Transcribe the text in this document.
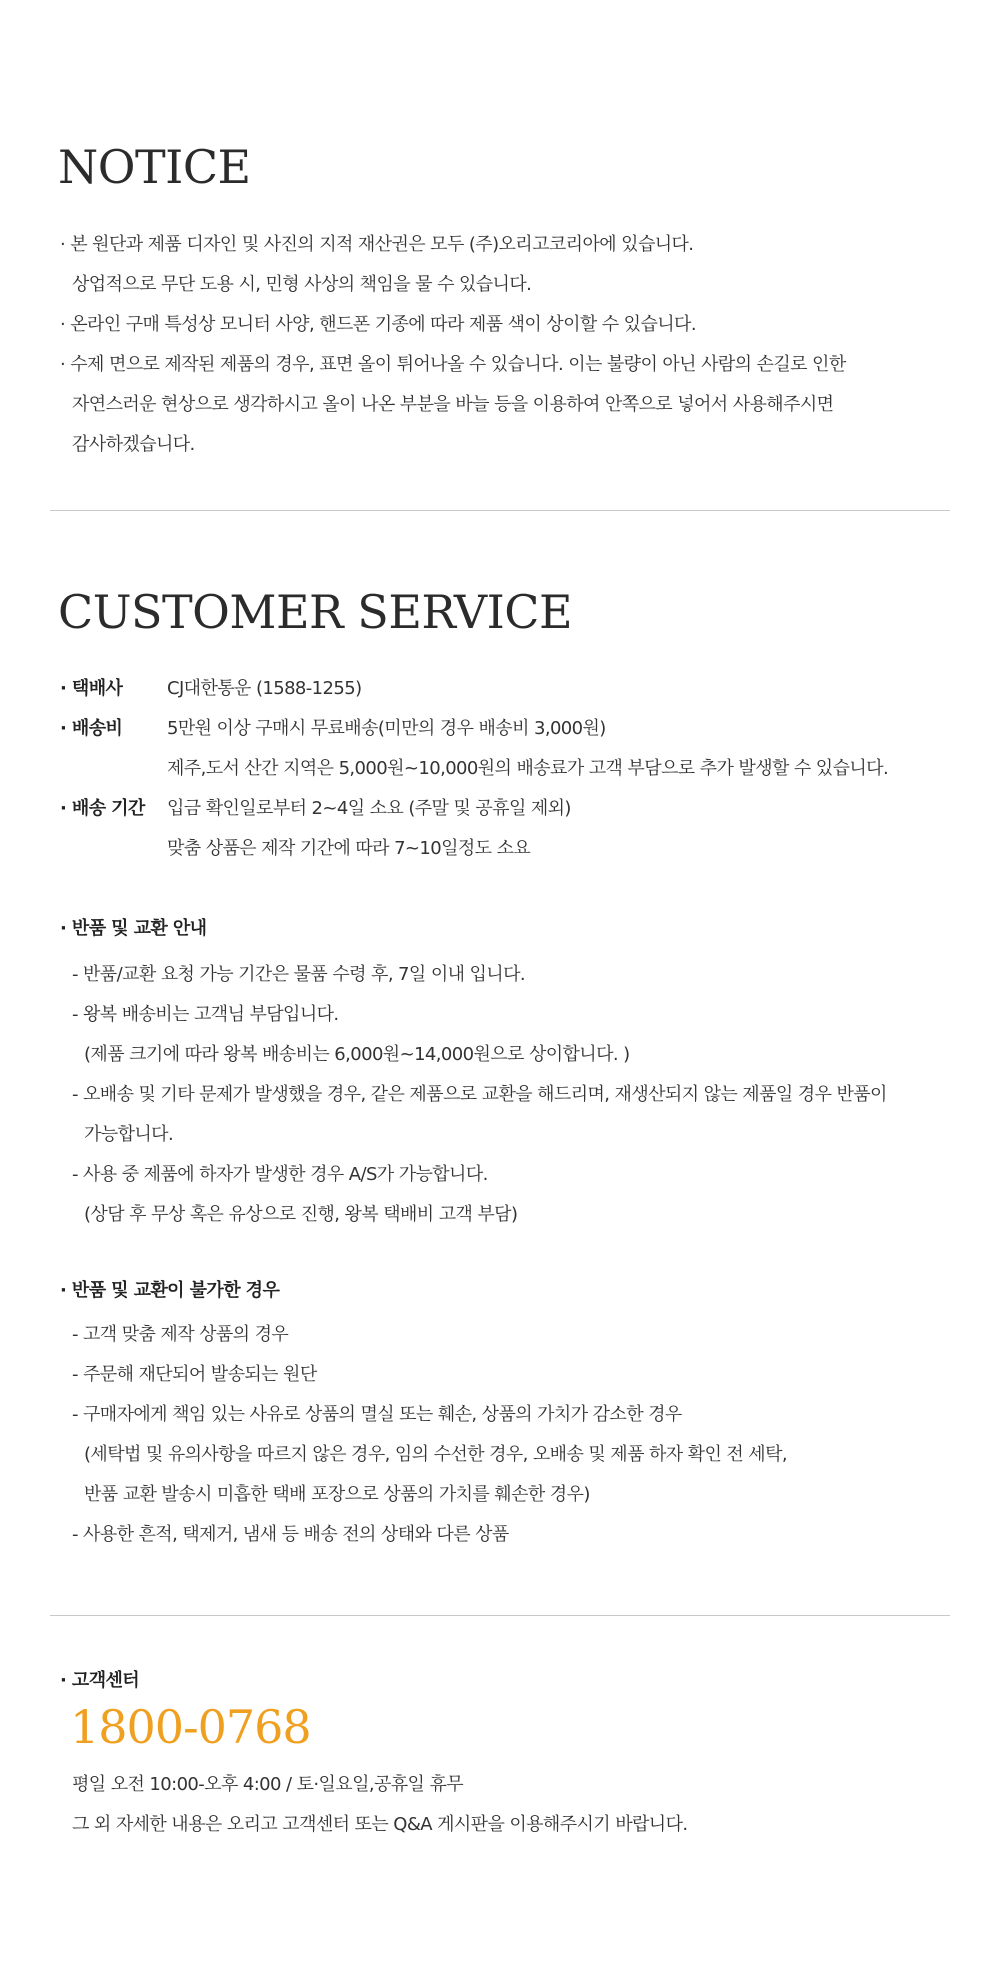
NOTICE
· 본 원단과 제품 디자인 및 사진의 지적 재산권은 모두 (주)오리고코리아에 있습니다.
상업적으로 무단 도용 시, 민형 사상의 책임을 물 수 있습니다.
· 온라인 구매 특성상 모니터 사양, 핸드폰 기종에 따라 제품 색이 상이할 수 있습니다.
· 수제 면으로 제작된 제품의 경우, 표면 올이 튀어나올 수 있습니다. 이는 불량이 아닌 사람의 손길로 인한
자연스러운 현상으로 생각하시고 올이 나온 부분을 바늘 등을 이용하여 안쪽으로 넣어서 사용해주시면
감사하겠습니다.
CUSTOMER SERVICE
· 택배사 CJ대한통운 (1588-1255)
· 배송비 5만원 이상 구매시 무료배송(미만의 경우 배송비 3,000원)
제주,도서 산간 지역은 5,000원~10,000원의 배송료가 고객 부담으로 추가 발생할 수 있습니다.
· 배송 기간 입금 확인일로부터 2~4일 소요 (주말 및 공휴일 제외)
맞춤 상품은 제작 기간에 따라 7~10일정도 소요
· 반품 및 교환 안내
- 반품/교환 요청 가능 기간은 물품 수령 후, 7일 이내 입니다.
- 왕복 배송비는 고객님 부담입니다.
(제품 크기에 따라 왕복 배송비는 6,000원~14,000원으로 상이합니다. )
- 오배송 및 기타 문제가 발생했을 경우, 같은 제품으로 교환을 해드리며, 재생산되지 않는 제품일 경우 반품이
가능합니다.
- 사용 중 제품에 하자가 발생한 경우 A/S가 가능합니다.
(상담 후 무상 혹은 유상으로 진행, 왕복 택배비 고객 부담)
· 반품 및 교환이 불가한 경우
- 고객 맞춤 제작 상품의 경우
- 주문해 재단되어 발송되는 원단
- 구매자에게 책임 있는 사유로 상품의 멸실 또는 훼손, 상품의 가치가 감소한 경우
(세탁법 및 유의사항을 따르지 않은 경우, 임의 수선한 경우, 오배송 및 제품 하자 확인 전 세탁,
반품 교환 발송시 미흡한 택배 포장으로 상품의 가치를 훼손한 경우)
- 사용한 흔적, 택제거, 냄새 등 배송 전의 상태와 다른 상품
· 고객센터
1800-0768
평일 오전 10:00-오후 4:00 / 토·일요일,공휴일 휴무
그 외 자세한 내용은 오리고 고객센터 또는 Q&A 게시판을 이용해주시기 바랍니다.
